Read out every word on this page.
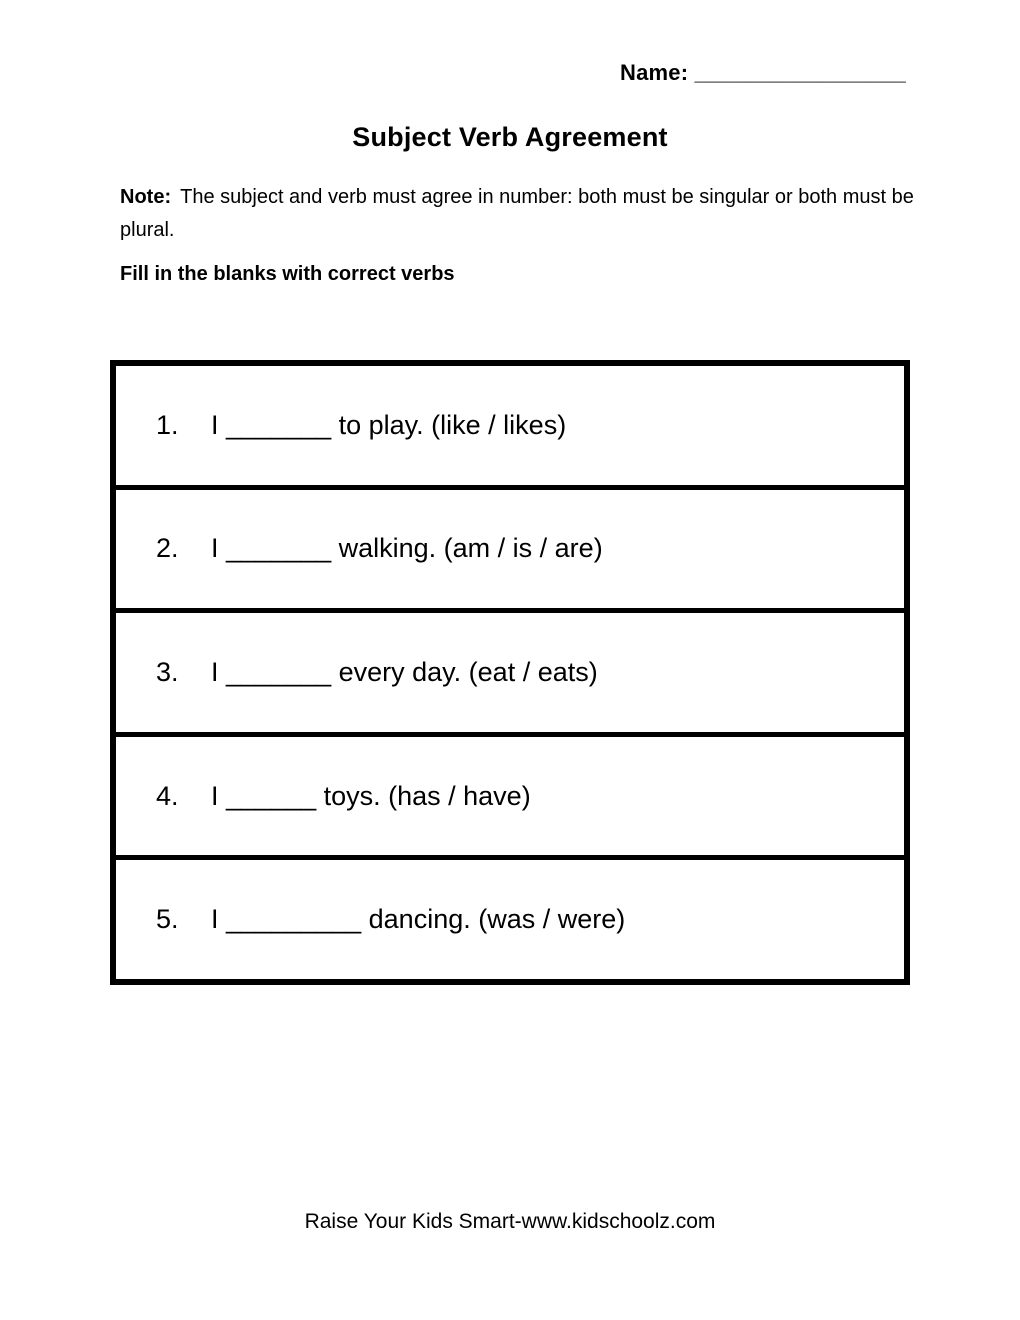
Name: _________________
Subject Verb Agreement

Note: The subject and verb must agree in number: both must be singular or both must be plural.

Fill in the blanks with correct verbs
1.	I _______ to play. (like / likes)
2.	I _______ walking. (am / is / are)
3.	I _______ every day. (eat / eats)
4.	I ______ toys. (has / have)
5.	I _________ dancing. (was / were)
Raise Your Kids Smart-www.kidschoolz.com
